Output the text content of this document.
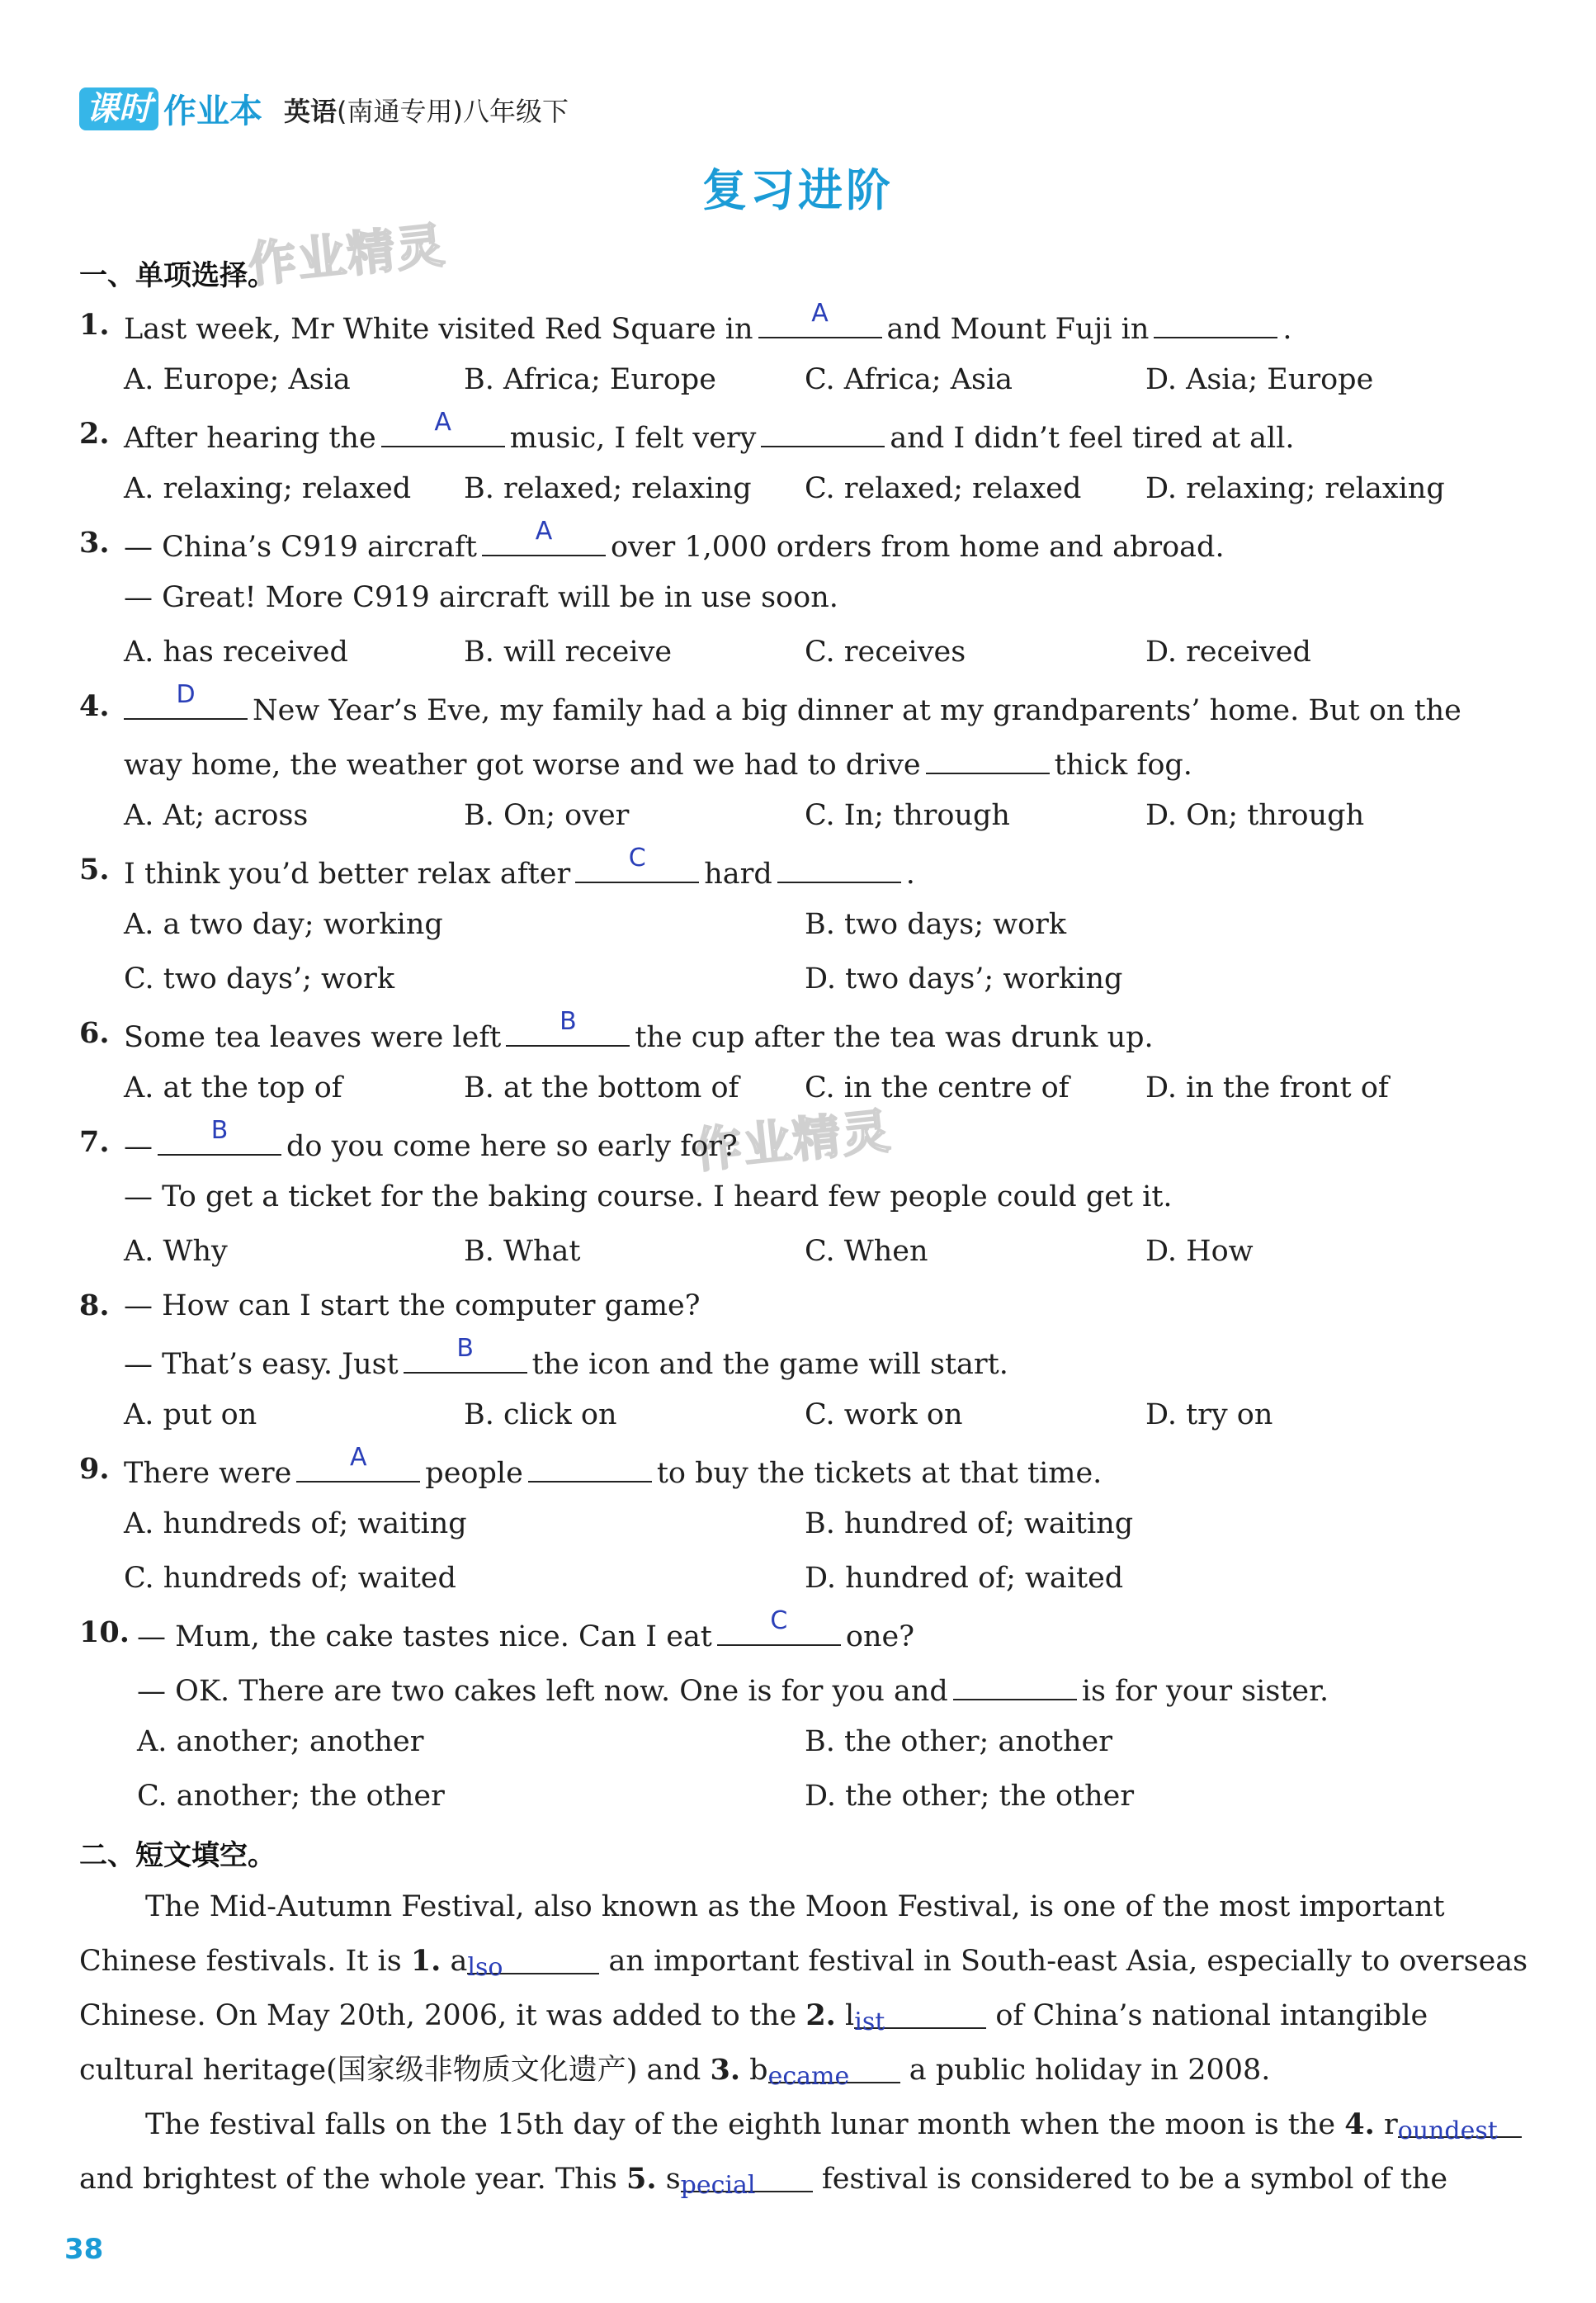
课时 作业本 英语(南通专用)八年级下
复习进阶
作业精灵
作业精灵
一、单项选择。
1. Last week, Mr White visited Red Square in	A	and Mount Fuji in	.
A. Europe; Asia	B. Africa; Europe	C. Africa; Asia	D. Asia; Europe
2. After hearing the	A	music, I felt very	and I didn’t feel tired at all.
A. relaxing; relaxed B. relaxed; relaxing C. relaxed; relaxed D. relaxing; relaxing
3. — China’s C919 aircraft	A	over 1,000 orders from home and abroad.
— Great! More C919 aircraft will be in use soon.
A. has received	B. will receive	C. receives	D. received
4.	D	New Year’s Eve, my family had a big dinner at my grandparents’ home. But on the
way home, the weather got worse and we had to drive	thick fog.
A. At; across	B. On; over	C. In; through	D. On; through
5. I think you’d better relax after	C	hard	.
A. a two day; working	B. two days; work
C. two days’; work	D. two days’; working
6. Some tea leaves were left	B	the cup after the tea was drunk up.
A. at the top of	B. at the bottom of C. in the centre of	D. in the front of
7. —	B	do you come here so early for?
— To get a ticket for the baking course. I heard few people could get it.
A. Why	B. What	C. When	D. How
8. — How can I start the computer game?
— That’s easy. Just	B	the icon and the game will start.
A. put on	B. click on	C. work on	D. try on
9. There were	A	people	to buy the tickets at that time.
A. hundreds of; waiting	B. hundred of; waiting
C. hundreds of; waited	D. hundred of; waited
10. — Mum, the cake tastes nice. Can I eat	C	one?
— OK. There are two cakes left now. One is for you and	is for your sister.
A. another; another	B. the other; another
C. another; the other	D. the other; the other
二、短文填空。
The Mid-Autumn Festival, also known as the Moon Festival, is one of the most important
Chinese festivals. It is 1. also	an important festival in South-east Asia, especially to overseas
Chinese. On May 20th, 2006, it was added to the 2. list	of China’s national intangible
cultural heritage(国家级非物质文化遗产) and 3. became a public holiday in 2008.
The festival falls on the 15th day of the eighth lunar month when the moon is the 4. roundest
and brightest of the whole year. This 5. special festival is considered to be a symbol of the
38
